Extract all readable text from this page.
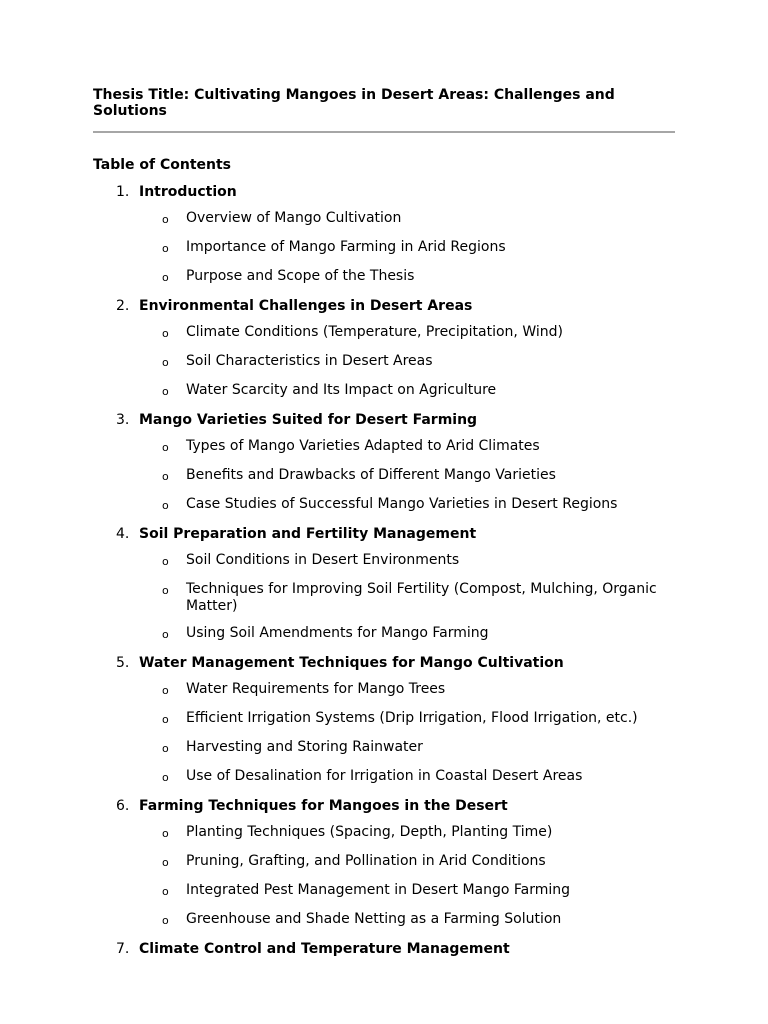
Thesis Title: Cultivating Mangoes in Desert Areas: Challenges and Solutions

Table of Contents
1. Introduction
o	Overview of Mango Cultivation
o	Importance of Mango Farming in Arid Regions
o	Purpose and Scope of the Thesis
2. Environmental Challenges in Desert Areas
o	Climate Conditions (Temperature, Precipitation, Wind)
o	Soil Characteristics in Desert Areas
o	Water Scarcity and Its Impact on Agriculture
3. Mango Varieties Suited for Desert Farming
o	Types of Mango Varieties Adapted to Arid Climates
o	Benefits and Drawbacks of Different Mango Varieties
o	Case Studies of Successful Mango Varieties in Desert Regions
4. Soil Preparation and Fertility Management
o	Soil Conditions in Desert Environments
o	Techniques for Improving Soil Fertility (Compost, Mulching, Organic Matter)
o	Using Soil Amendments for Mango Farming
5. Water Management Techniques for Mango Cultivation
o	Water Requirements for Mango Trees
o	Efficient Irrigation Systems (Drip Irrigation, Flood Irrigation, etc.)
o	Harvesting and Storing Rainwater
o	Use of Desalination for Irrigation in Coastal Desert Areas
6. Farming Techniques for Mangoes in the Desert
o	Planting Techniques (Spacing, Depth, Planting Time)
o	Pruning, Grafting, and Pollination in Arid Conditions
o	Integrated Pest Management in Desert Mango Farming
o	Greenhouse and Shade Netting as a Farming Solution
7. Climate Control and Temperature Management
